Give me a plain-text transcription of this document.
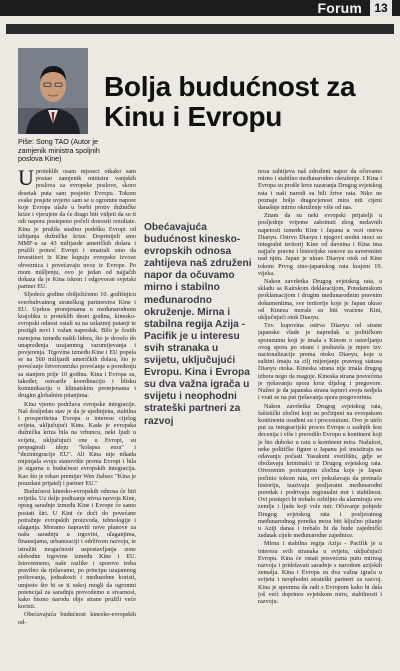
Forum	13
Piše: Song TAO (Autor je zamjenik ministra spoljnih poslova Kine)
Bolja budućnost za Kinu i Evropu

Uproteklih osam mjeseci otkako sam postao zamjenik ministra vanjskih poslova za evropske poslove, skoro desetak puta sam posjetio Evropu. Tokom svake posjete uvjerio sam se u ogromne napore koje Evropa ulaže u borbi protiv dužničke krize i vjerujem da će drago biti vidjeti da su ti odi napora postepeno počeli donositi rezultate. Kina je pružila snažnu podršku Evropi od izbijanja dužničke krize. Doprinijeli smo MMF-u sa 43 milijarde američkih dolara i pružili pomoć Evropi i smatrali smo da investitori iz Kine kupuju evropske izvoze obveznica i povećavaju uvoz iz Evrope. Po mom mišljenju, ovo je jedan od najjačih dokaza da je Kina iskren i odgovoran svjetski partner EU.

Sljedeće godine obilježićemo 10. godišnjicu sveobuhvatnog strateškog partnerstva Kine i EU. Uprkos promjenama u međunarodnom krajoliku u proteklih deset godina, kinesko-evropski odnosi ostali su na uzlaznoj putanji te postigli novi i važan napredak. Bilo je čestih razmjena između naših lidera, što je dovelo do unapređenja uzajamnog razumijevanja i povjerenja. Trgovina između Kine i EU popela se na 560 milijardi američkih dolara, što je povećanje četverostruko povećanje u poređenju sa stanjem prije 10 godina. Kina i Evropa su, također, ostvarile koordinaciju i blisku komunikaciju o klimatskim promjenama i drugim globalnim pitanjima.

Kina vjerno podržava evropske integracije. Naš dosljedan stav je da je ujedinjena, stabilna i prosperitetna Evropa u interesu cijelog svijeta, uključujući Kinu. Kada je evropska dužnička kriza bila na vrhuncu, neki ljudi u svijetu, uključujući one u Evropi, su propagirali ideju "kolapsa eura" i "dezintegracije EU". Ali Kina nije nikada mijenjala svoju stanovište prema Evropi i bila je sigurna u budućnost evropskih integracija. Kao što je rekao premijer Wen Jiabao: "Kina je pouzdani prijatelj i partner EU."

Budućnost kinesko-evropskih odnosa će biti svijetla. Uz dalje podizanje nivoa razvoja Kine, opseg saradnje između Kine i Evrope će samo postati širi. U Kini će doći do povećane potražnje evropskih proizvoda, tehnologije i ulaganja. Moramo napraviti nove planove za našu saradnju u trgovini, ulaganjima, finansijama, urbanizaciji i održivom razvoju, te istražiti mogućnosti uspostavljanja zone slobodne trgovine između Kine i EU. Istovremeno, naše razlike i sporove treba pravilno da rješavamo, po principu uzajamnog poštovanja, jednakosti i međusobne koristi, umjesto što bi se ti uskoj mogli da ogromni potencijal za saradnju provodemo u stvarnost, kako bismo narodu obje strane pružili veće koristi.

Obećavajuća budućnost kinesko-evropskih od-

Obećavajuća budućnost kinesko-evropskih odnosa zahtijeva naš združeni napor da očuvamo mirno i stabilno međunarodno okruženje. Mirna i stabilna regija Azija - Pacifik je u interesu svih stranaka u svijetu, uključujući Evropu. Kina i Evropa su dva važna igrača u svijetu i neophodni strateški partneri za razvoj

nosa zahtijeva naš združeni napor da očuvamo mirno i stabilno međunarodno okruženje. I Kina i Evropa su prošle kroz razaranja Drugog svjetskog rata i naši narodi su bili žrtve rata. Niko ne poznaje bolje dragocjenost mira niti cijeni današnje mirno okruženje više od nas.

Znam da su neki evropski prijatelji u posljednje vrijeme zabrinuti zbog nedavnih napetosti između Kine i Japana u vezi ostrva Diaoyu. Ostrvo Diaoyu i njegovi sredni otoci su integralni teritorij Kine od davnina i Kina ima najjače pravne i historijske osnove za suverenitet nad njim. Japan je ukrao Diaoyu otok od Kine tokom Prvog sino-japanskog rata krajem 19. vijeka.

Nakon završetka Drugog svjetskog rata, u skladu sa Kairskom deklaracijom, Potsdamskom proklamacijom i drugim međunarodnim pravnim dokumentima, sve teritorije koje je Japan ukrao od Kineza morale su biti vraćene Kini, uključujući otok Diaoyu.

Tzv. kupovina ostrva Diaoyu od strane japanske vlade je napredak u političkom sporazumu koji je imala s Kinom o ostavljanju ovog spora po strani i poduzela je mjere tzv. nacionalizacije prema otoku Diaoyu, koje u suštini imaju za cilj mijenjanje pravnog statusa Diaoyu otoka. Kineska strana nije imala drugog izbora nego da reaguje. Kineska strana posvećena je rješavanju spora kroz dijalog i pregovore. Nužno je da japanska strana ispravi svoju nedjela i vrati se na put rješavanja spora pregovorima.

Nakon završetka Drugog svjetskog rata, fašistički zločini koji su počinjeni na evropskom kontinentu osuđeni su i procesuirani. Ovo je utrlo put za integracijski proces Evrope u zadnjih šest decenija i više i prerodilo Evropu u kontinent koji je bio duboko u ratu u kontinent mira. Nažalost, neke političke figure u Japanu još insistiraju na odavanju počasti Yasukuni svetilištu, gdje se obožavaju kriminalci iz Drugog svjetskog rata. Otvorenim poricanjem zločina koje je Japan počinio tokom rata, ovi pokušavaju da preinače historiju, izazivaju posljeratni međunarodni poredak i podrivaju regionalni mir i stabilnost. Ovi postupci bi trebalo ozbiljno da alarmiraju sve zemlje i ljude koji vole mir. Očuvanje pobjede Drugog svjetskog rata i posljeratnog međunarodnog poretka mora biti ključno pitanje u Aziji danas i trebalo bi da bude zajednički zadatak cijele međunarodne zajednice.

Mirna i stabilna regija Azija - Pacifik je u interesu svih stranaka u svijetu, uključujući Evropu. Kina će ostati posvećena putu mirnog razvoja i pridržavati saradnje s narodom azijskih zemalja. Kina i Evropa su dva važna igrača u svijetu i neophodni strateški partneri za razvoj. Kina je spremna da radi s Evropom kako bi dala još veći doprinos svjetskom miru, stabilnosti i razvoju.
